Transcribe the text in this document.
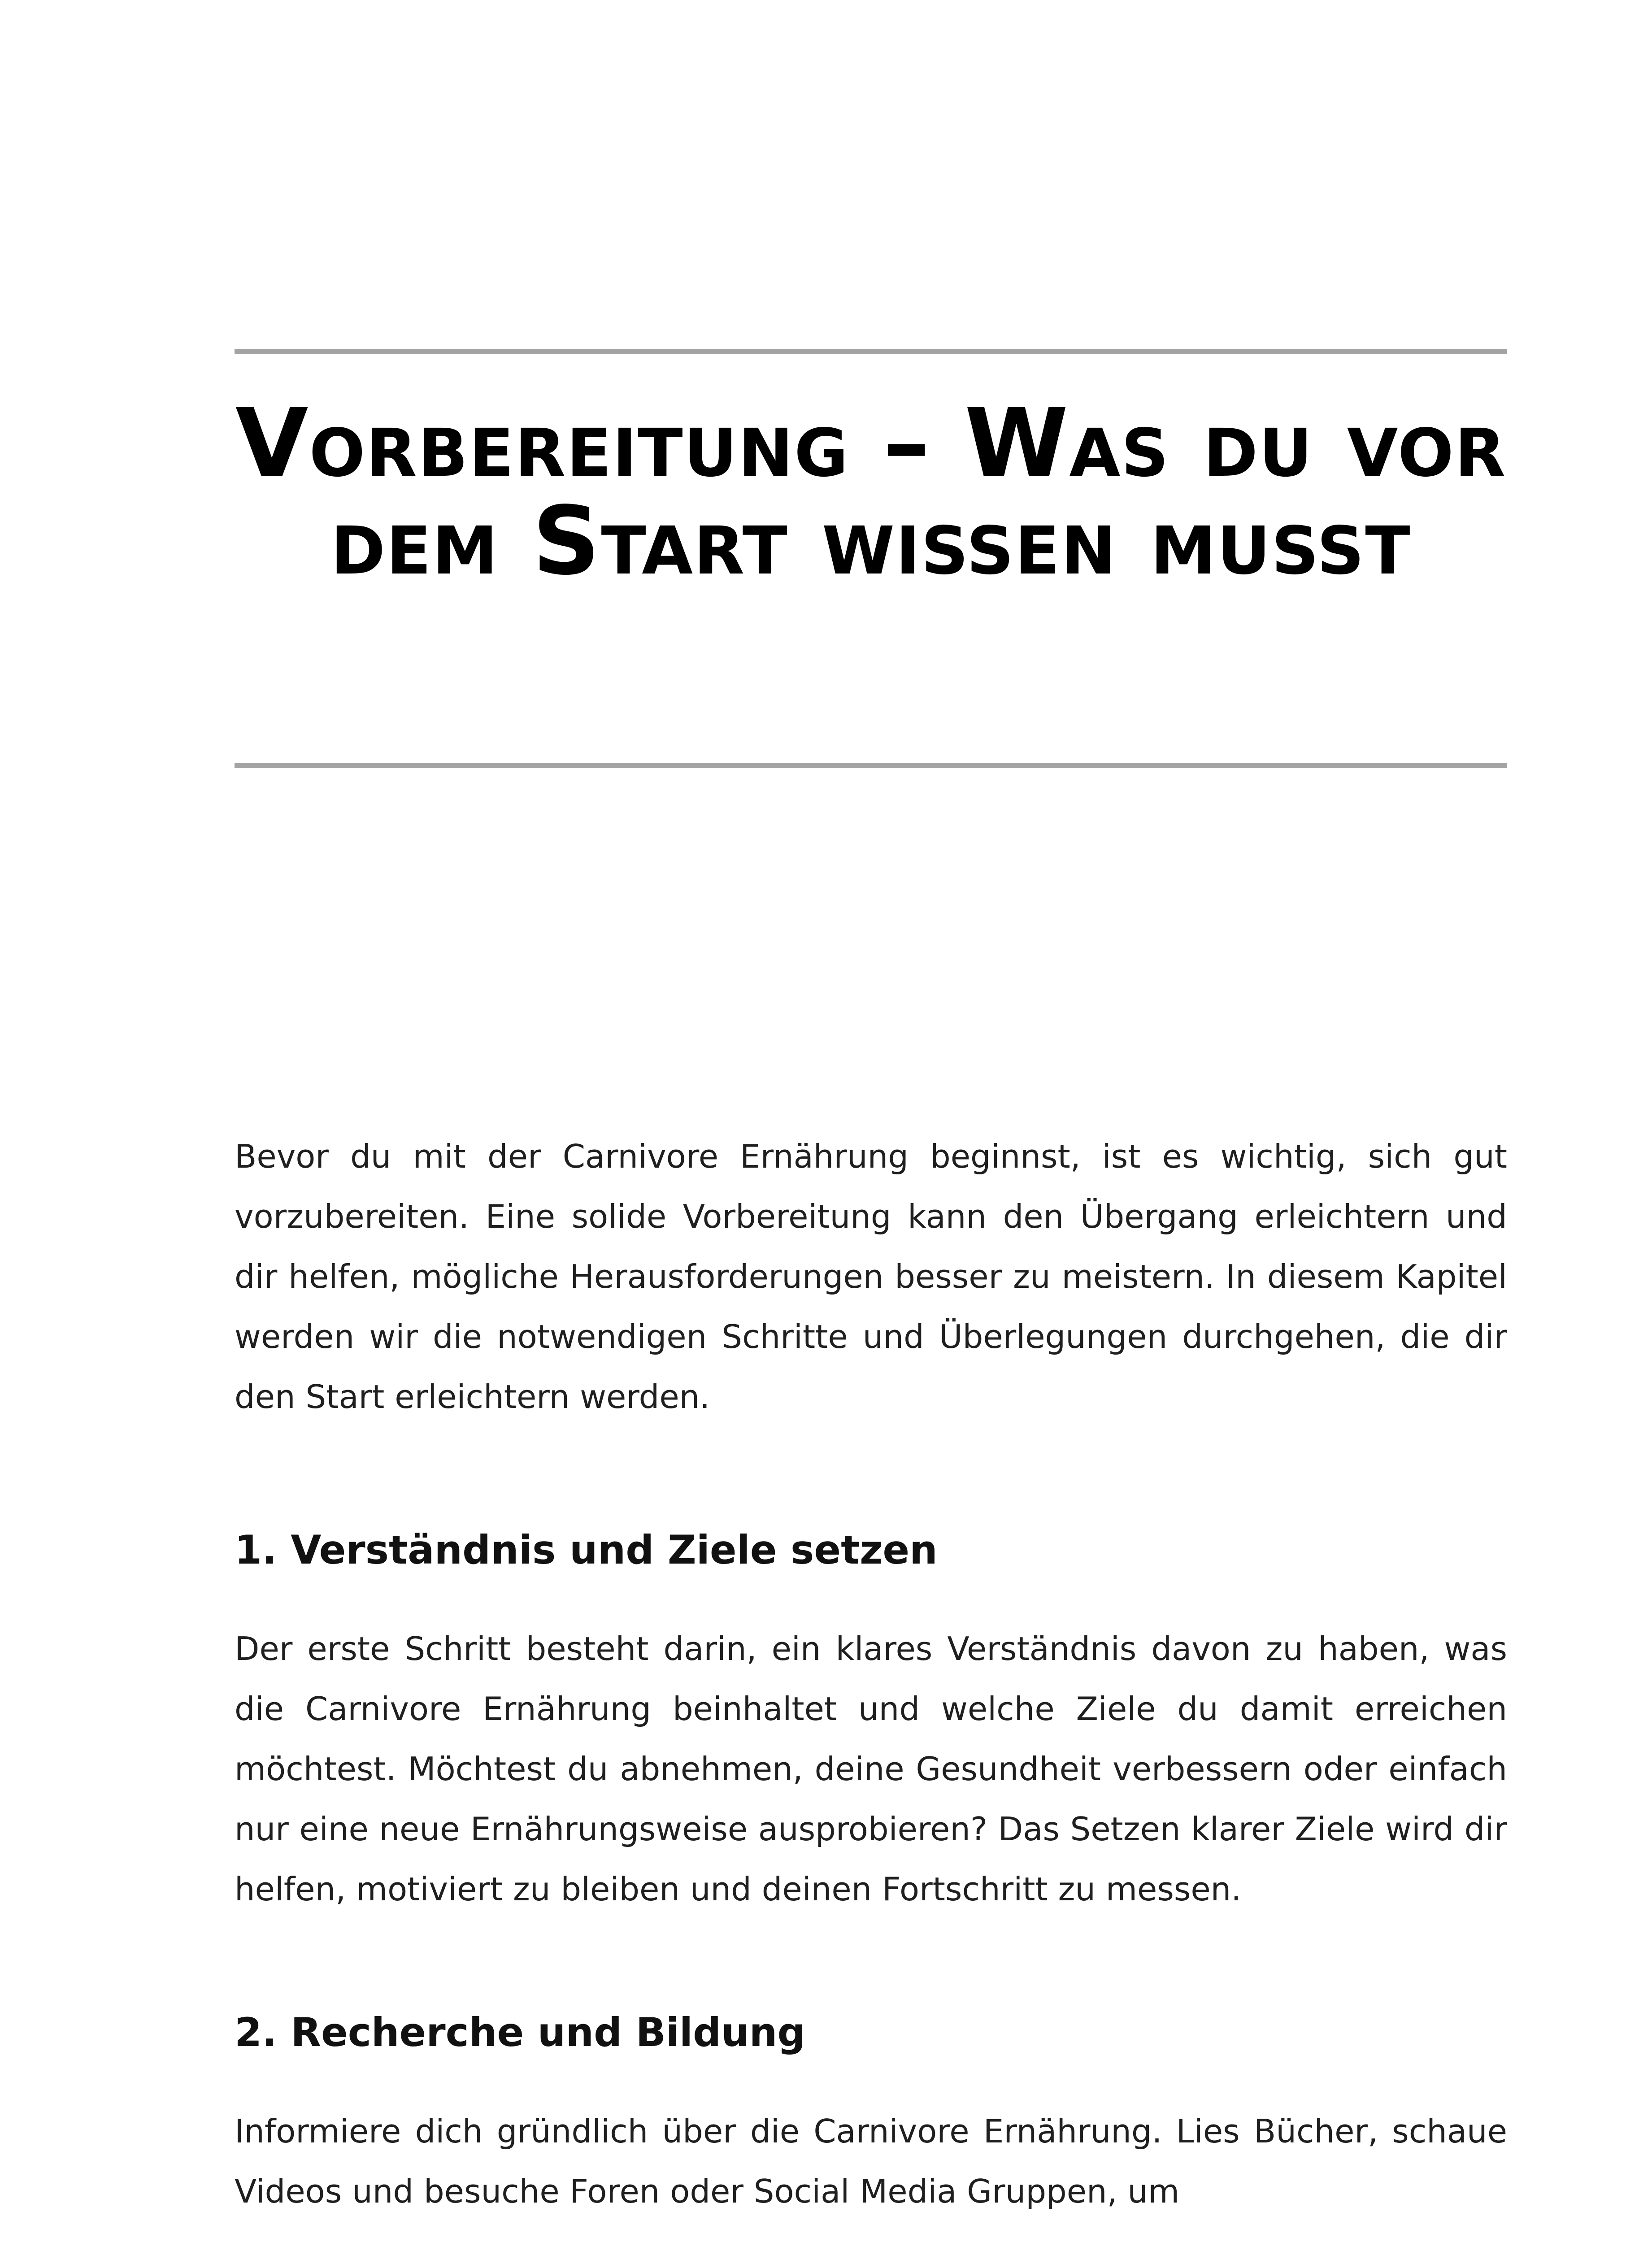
Vorbereitung – Was du vor dem Start wissen musst

Bevor du mit der Carnivore Ernährung beginnst, ist es wichtig, sich gut vorzubereiten. Eine solide Vorbereitung kann den Übergang erleichtern und dir helfen, mögliche Herausforderungen besser zu meistern. In diesem Kapitel werden wir die notwendigen Schritte und Überlegungen durchgehen, die dir den Start erleichtern werden.

1. Verständnis und Ziele setzen

Der erste Schritt besteht darin, ein klares Verständnis davon zu haben, was die Carnivore Ernährung beinhaltet und welche Ziele du damit erreichen möchtest. Möchtest du abnehmen, deine Gesundheit verbessern oder einfach nur eine neue Ernährungsweise ausprobieren? Das Setzen klarer Ziele wird dir helfen, motiviert zu bleiben und deinen Fortschritt zu messen.

2. Recherche und Bildung

Informiere dich gründlich über die Carnivore Ernährung. Lies Bücher, schaue Videos und besuche Foren oder Social Media Gruppen, um
